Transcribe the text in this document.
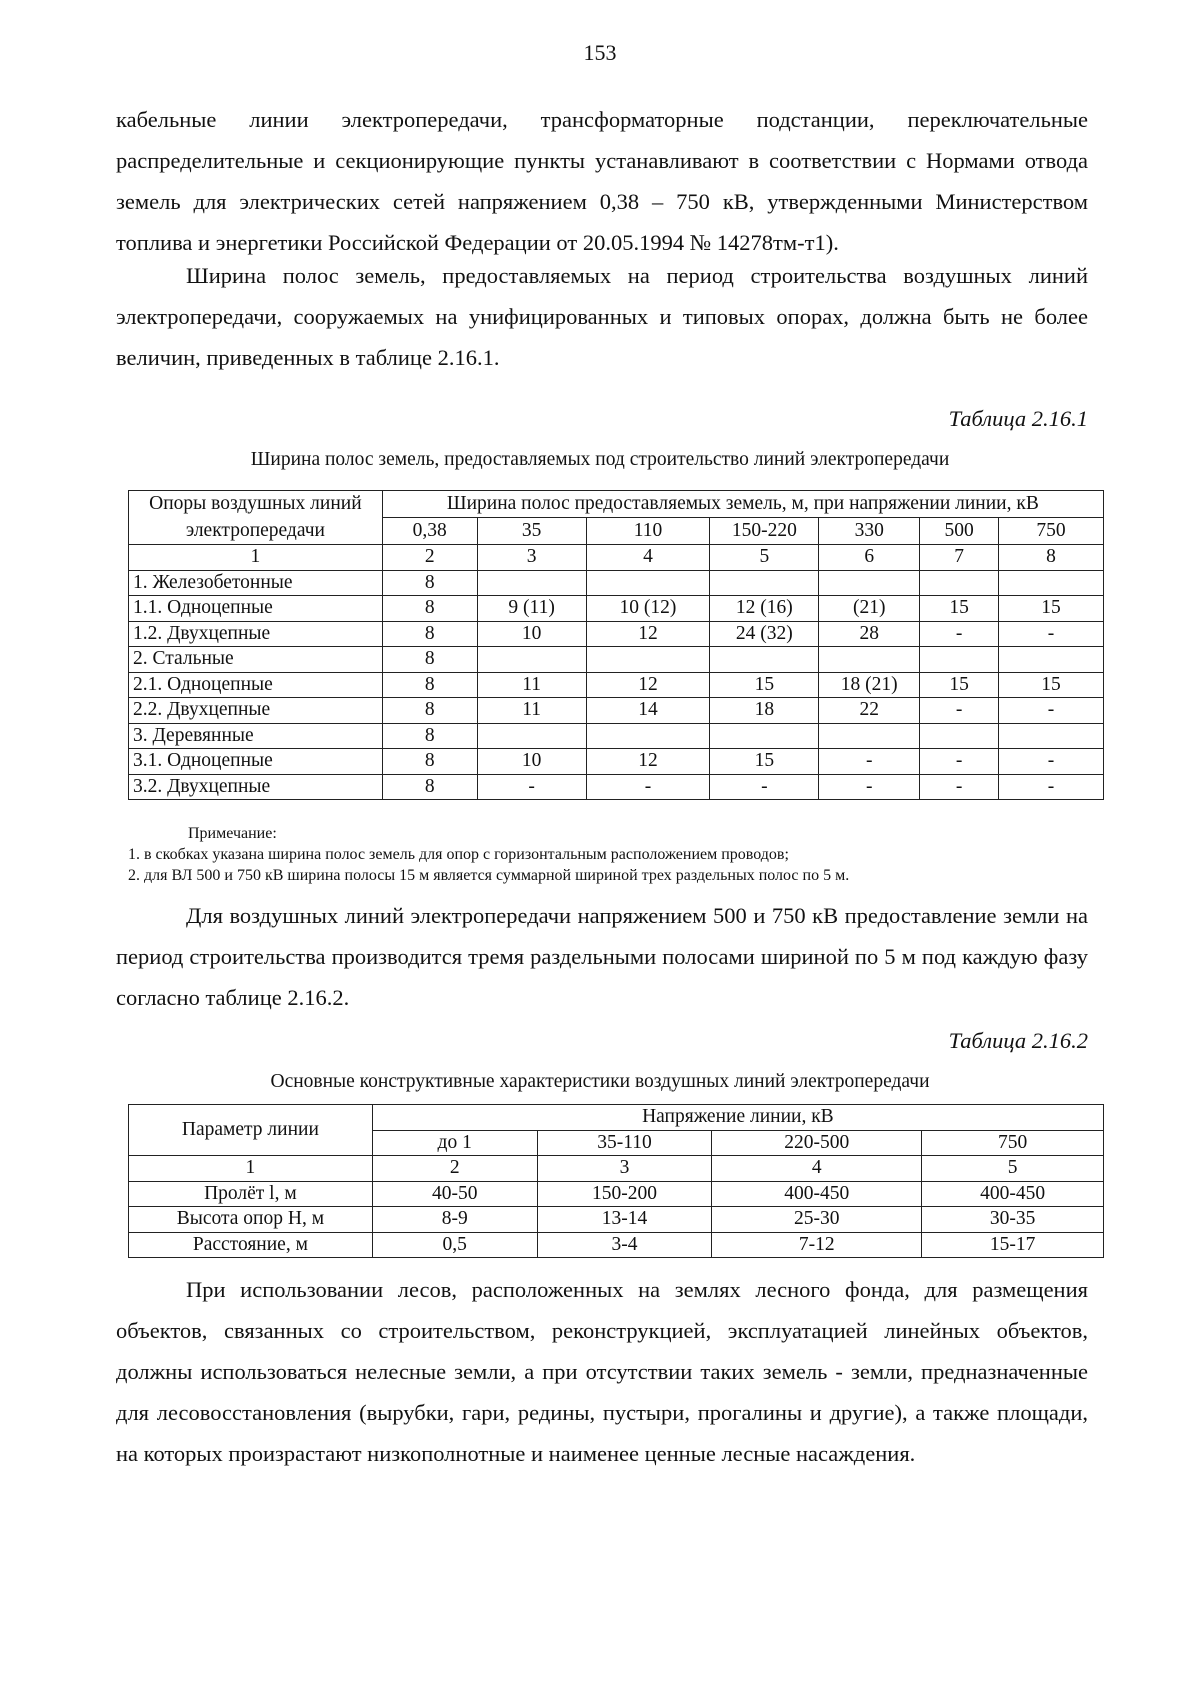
153

кабельные линии электропередачи, трансформаторные подстанции, переключательные распределительные и секционирующие пункты устанавливают в соответствии с Нормами отвода земель для электрических сетей напряжением 0,38 – 750 кВ, утвержденными Министерством топлива и энергетики Российской Федерации от 20.05.1994 № 14278тм-т1).

Ширина полос земель, предоставляемых на период строительства воздушных линий электропередачи, сооружаемых на унифицированных и типовых опорах, должна быть не более величин, приведенных в таблице 2.16.1.

Таблица 2.16.1
Ширина полос земель, предоставляемых под строительство линий электропередачи
Опоры воздушных линий электропередачи	Ширина полос предоставляемых земель, м, при напряжении линии, кВ						
	0,38	35	110	150-220	330	500	750
1	2	3	4	5	6	7	8
1. Железобетонные	8						
1.1. Одноцепные	8	9 (11)	10 (12)	12 (16)	(21)	15	15
1.2. Двухцепные	8	10	12	24 (32)	28	-	-
2. Стальные	8						
2.1. Одноцепные	8	11	12	15	18 (21)	15	15
2.2. Двухцепные	8	11	14	18	22	-	-
3. Деревянные	8						
3.1. Одноцепные	8	10	12	15	-	-	-
3.2. Двухцепные	8	-	-	-	-	-	-
Примечание:
1. в скобках указана ширина полос земель для опор с горизонтальным расположением проводов;
2. для ВЛ 500 и 750 кВ ширина полосы 15 м является суммарной шириной трех раздельных полос по 5 м.

Для воздушных линий электропередачи напряжением 500 и 750 кВ предоставление земли на период строительства производится тремя раздельными полосами шириной по 5 м под каждую фазу согласно таблице 2.16.2.

Таблица 2.16.2
Основные конструктивные характеристики воздушных линий электропередачи
Параметр линии	Напряжение линии, кВ			
	до 1	35-110	220-500	750
1	2	3	4	5
Пролёт l, м	40-50	150-200	400-450	400-450
Высота опор Н, м	8-9	13-14	25-30	30-35
Расстояние, м	0,5	3-4	7-12	15-17

При использовании лесов, расположенных на землях лесного фонда, для размещения объектов, связанных со строительством, реконструкцией, эксплуатацией линейных объектов, должны использоваться нелесные земли, а при отсутствии таких земель - земли, предназначенные для лесовосстановления (вырубки, гари, редины, пустыри, прогалины и другие), а также площади, на которых произрастают низкополнотные и наименее ценные лесные насаждения.
